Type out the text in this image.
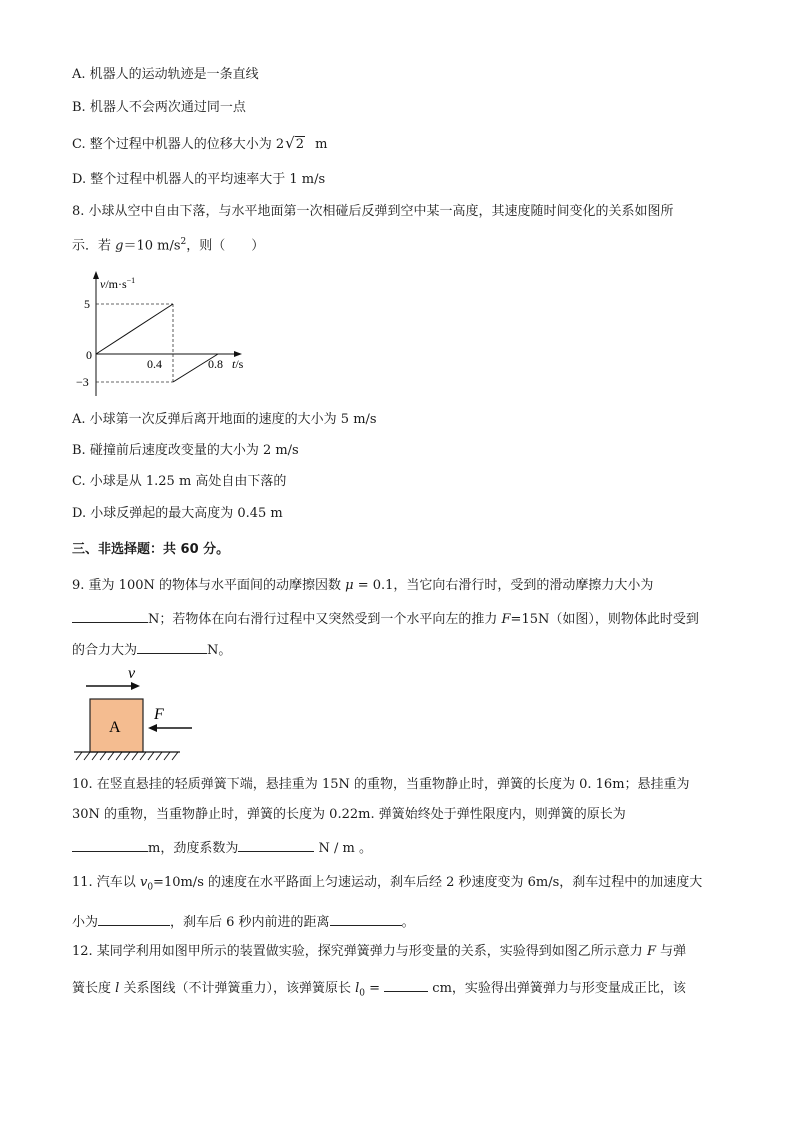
A. 机器人的运动轨迹是一条直线
B. 机器人不会两次通过同一点
C. 整个过程中机器人的位移大小为 2√2 m
D. 整个过程中机器人的平均速率大于 1 m/s
8. 小球从空中自由下落，与水平地面第一次相碰后反弹到空中某一高度，其速度随时间变化的关系如图所
示．若 g＝10 $m/s^2$，则（　　）
$v/m\cdot s^{-1}$
5
0
−3
0.4	0.8 t/s
A. 小球第一次反弹后离开地面的速度的大小为 5 m/s
B. 碰撞前后速度改变量的大小为 2 m/s
C. 小球是从 1.25 m 高处自由下落的
D. 小球反弹起的最大高度为 0.45 m
三、非选择题：共 60 分。
9. 重为 100N 的物体与水平面间的动摩擦因数 μ = 0.1，当它向右滑行时，受到的滑动摩擦力大小为
N；若物体在向右滑行过程中又突然受到一个水平向左的推力 F=15N（如图），则物体此时受到
的合力大为	N。
v
A
F
10. 在竖直悬挂的轻质弹簧下端，悬挂重为 15N 的重物，当重物静止时，弹簧的长度为 0. 16m；悬挂重为
30N 的重物，当重物静止时，弹簧的长度为 0.22m. 弹簧始终处于弹性限度内，则弹簧的原长为
m，劲度系数为	N / m 。
11. 汽车以 $v_0=10m/s$ 的速度在水平路面上匀速运动，刹车后经 2 秒速度变为 6m/s，刹车过程中的加速度大
小为	，刹车后 6 秒内前进的距离	。
12. 某同学利用如图甲所示的装置做实验，探究弹簧弹力与形变量的关系，实验得到如图乙所示意力 F 与弹
簧长度 l 关系图线（不计弹簧重力），该弹簧原长 $l_0$ =	cm，实验得出弹簧弹力与形变量成正比，该
